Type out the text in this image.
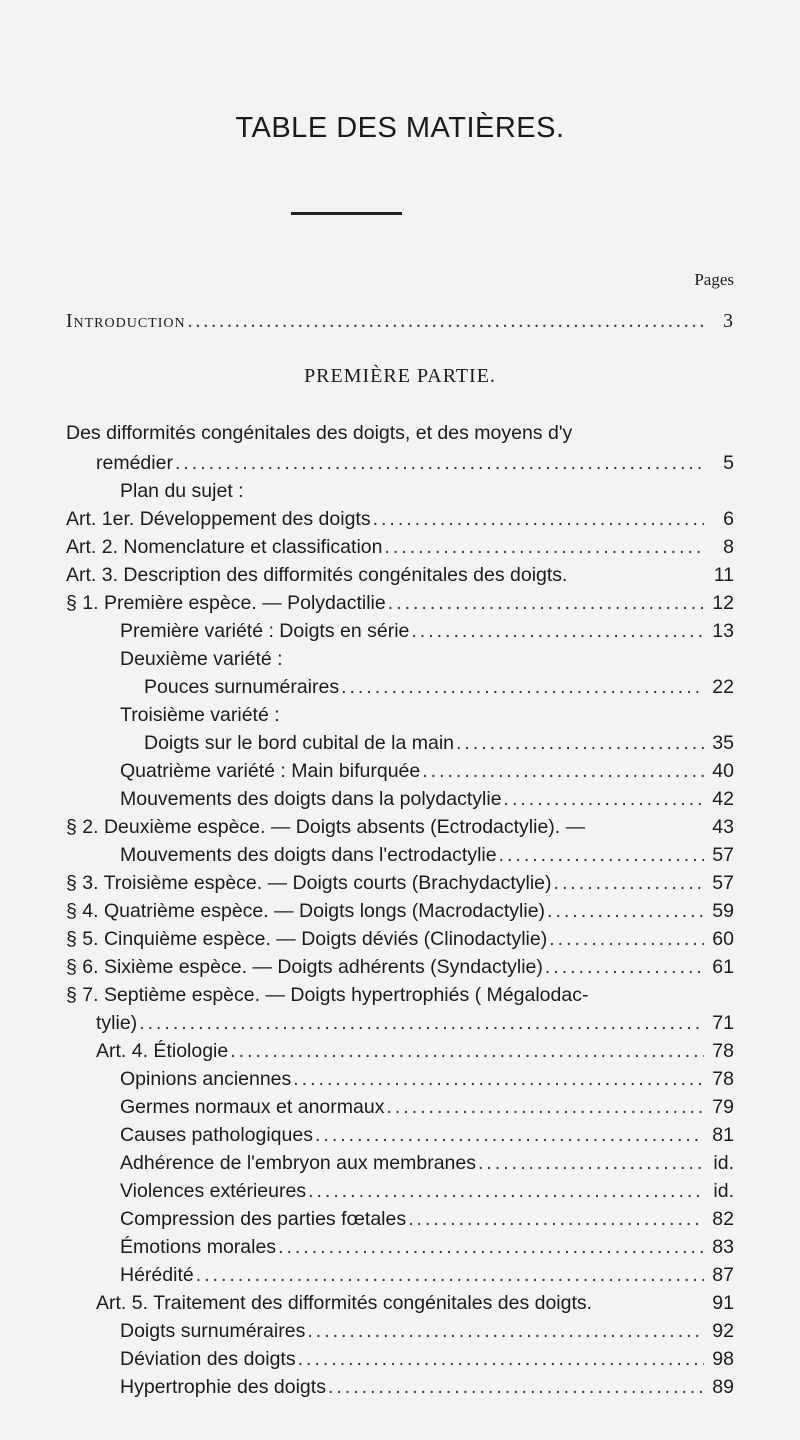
TABLE DES MATIÈRES.
Pages
Introduction .....	3
PREMIÈRE PARTIE.
Des difformités congénitales des doigts, et des moyens d'y
remédier .....	5
Plan du sujet :
Art. 1er. Développement des doigts .....	6
Art. 2. Nomenclature et classification .....	8
Art. 3. Description des difformités congénitales des doigts.	11
§ 1. Première espèce. — Polydactilie .....	12
Première variété : Doigts en série .....	13
Deuxième variété :
Pouces surnuméraires .....	22
Troisième variété :
Doigts sur le bord cubital de la main .....	35
Quatrième variété : Main bifurquée .....	40
Mouvements des doigts dans la polydactylie .....	42
§ 2. Deuxième espèce. — Doigts absents (Ectrodactylie). —	43
Mouvements des doigts dans l'ectrodactylie .....	57
§ 3. Troisième espèce. — Doigts courts (Brachydactylie) .....	57
§ 4. Quatrième espèce. — Doigts longs (Macrodactylie) .....	59
§ 5. Cinquième espèce. — Doigts déviés (Clinodactylie) .....	60
§ 6. Sixième espèce. — Doigts adhérents (Syndactylie) .....	61
§ 7. Septième espèce. — Doigts hypertrophiés ( Mégalodac-
tylie) .....	71
Art. 4. Étiologie .....	78
Opinions anciennes .....	78
Germes normaux et anormaux .....	79
Causes pathologiques .....	81
Adhérence de l'embryon aux membranes .....	id.
Violences extérieures .....	id.
Compression des parties fœtales .....	82
Émotions morales .....	83
Hérédité .....	87
Art. 5. Traitement des difformités congénitales des doigts.	91
Doigts surnuméraires .....	92
Déviation des doigts .....	98
Hypertrophie des doigts .....	89
